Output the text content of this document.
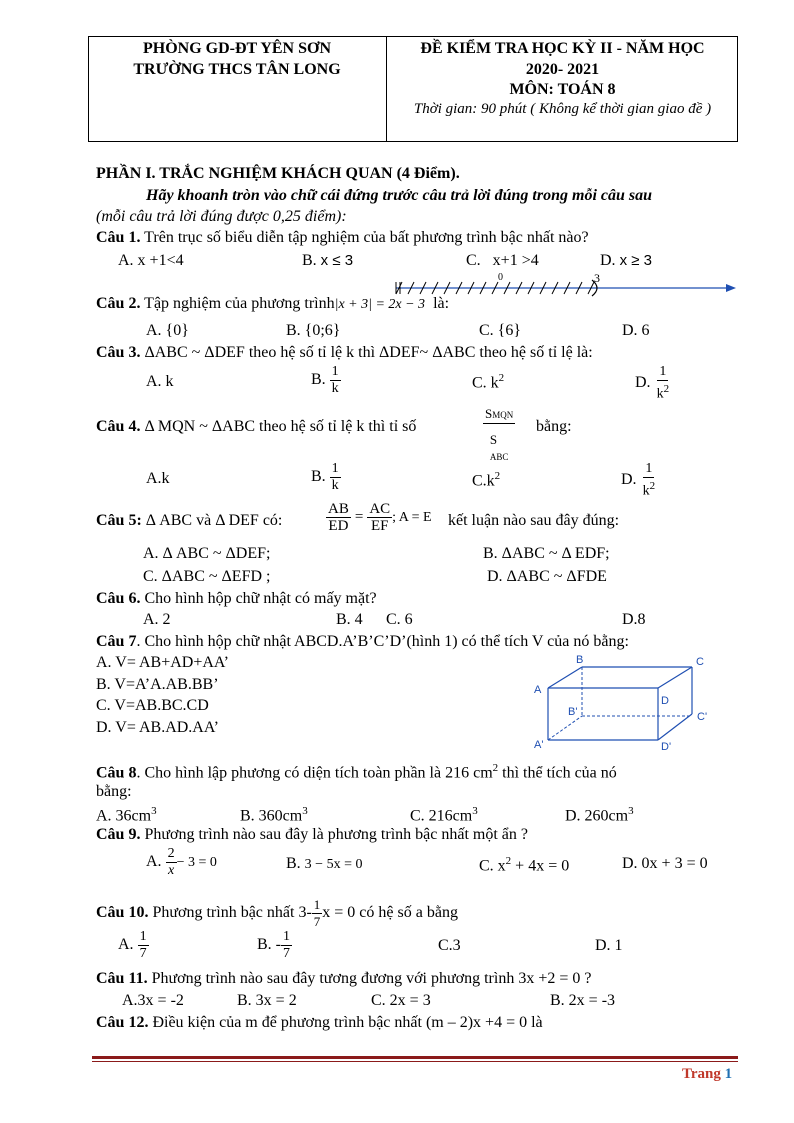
PHÒNG GD-ĐT YÊN SƠN
TRƯỜNG THCS TÂN LONG
ĐỀ KIỂM TRA HỌC KỲ II - NĂM HỌC
2020- 2021
MÔN: TOÁN 8
Thời gian: 90 phút ( Không kể thời gian giao đề )
PHẦN I. TRẮC NGHIỆM KHÁCH QUAN (4 Điểm).
Hãy khoanh tròn vào chữ cái đứng trước câu trả lời đúng trong mỗi câu sau
(mỗi câu trả lời đúng được 0,25 điểm):
Câu 1. Trên trục số biểu diễn tập nghiệm của bất phương trình bậc nhất nào?
A. x +1<4	B. x ≤ 3	C. x+1 >4	D. x ≥ 3
0	3
Câu 2. Tập nghiệm của phương trình|x + 3| = 2x − 3 là:
A. {0}	B. {0;6}	C. {6}	D. 6
Câu 3. ΔABC ~ ΔDEF theo hệ số tỉ lệ k thì ΔDEF~ ΔABC theo hệ số tỉ lệ là:
A. k	B. $\frac{1}{k}$	C. $k^2$	D. $\frac{1}{k^2}$
Câu 4. Δ MQN ~ ΔABC theo hệ số tỉ lệ k thì tỉ số
SMQN
S
ABC
bằng:
A.k	B. $\frac{1}{k}$	$C.k^2$	D. $\frac{1}{k^2}$
Câu 5: Δ ABC và Δ DEF có:	$\frac{AB}{ED} = \frac{AC}{EF}$ ; A = E kết luận nào sau đây đúng:
A. Δ ABC ~ ΔDEF;	B. ΔABC ~ Δ EDF;
C. ΔABC ~ ΔEFD ;	D. ΔABC ~ ΔFDE
Câu 6. Cho hình hộp chữ nhật có mấy mặt?
A. 2	B. 4 C. 6	D.8
Câu 7. Cho hình hộp chữ nhật ABCD.A’B’C’D’(hình 1) có thể tích V của nó bằng:
A. V= AB+AD+AA’
B. V=A’A.AB.BB’
C. V=AB.BC.CD
D. V= AB.AD.AA’
B	C
A
D
B'	C'
A'	D'
Câu 8. Cho hình lập phương có diện tích toàn phần là 216 $cm^2$ thì thể tích của nó
bằng:
A. $36cm^3$	B. $360cm^3$	C. $216cm^3$	D. $260cm^3$
Câu 9. Phương trình nào sau đây là phương trình bậc nhất một ẩn ?
A. $\frac{2}{x} - 3 = 0$	B. 3 − 5x = 0	C. $x^2 + 4x = 0$	D. 0x + 3 = 0
Câu 10. Phương trình bậc nhất $3- \frac{1}{7}$ x = 0 có hệ số a bằng
A. $\frac{1}{7}$	B. - $\frac{1}{7}$	C.3	D. 1
Câu 11. Phương trình nào sau đây tương đương với phương trình 3x +2 = 0 ?
A.3x = -2	B. 3x = 2	C. 2x = 3	B. 2x = -3
Câu 12. Điều kiện của m để phương trình bậc nhất (m – 2)x +4 = 0 là
Trang 1
